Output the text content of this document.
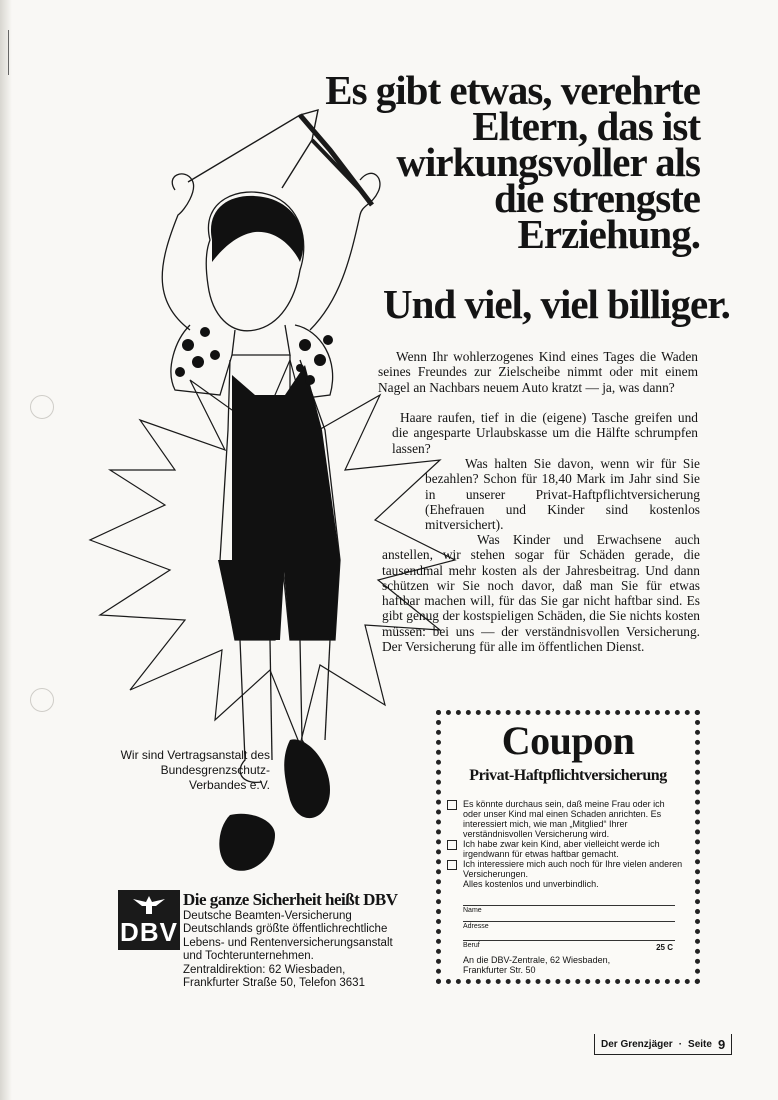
Es gibt etwas, verehrte
Eltern, das ist
wirkungsvoller als
die strengste
Erziehung.
Und viel, viel billiger.
Wenn Ihr wohlerzogenes Kind eines Tages die Waden seines Freundes zur Zielscheibe nimmt oder mit einem Nagel an Nachbars neuem Auto kratzt — ja, was dann?
Haare raufen, tief in die (eigene) Tasche greifen und die angesparte Urlaubskasse um die Hälfte schrumpfen lassen?
Was halten Sie davon, wenn wir für Sie bezahlen? Schon für 18,40 Mark im Jahr sind Sie in unserer Privat-Haftpflichtversicherung (Ehefrauen und Kinder sind kostenlos mitversichert).
Was Kinder und Erwachsene auch anstellen, wir stehen sogar für Schäden gerade, die tausendmal mehr kosten als der Jahresbeitrag. Und dann schützen wir Sie noch davor, daß man Sie für etwas haftbar machen will, für das Sie gar nicht haftbar sind. Es gibt genug der kostspieligen Schäden, die Sie nichts kosten müssen: bei uns — der verständnisvollen Versicherung. Der Versicherung für alle im öffentlichen Dienst.
Wir sind Vertragsanstalt des
Bundesgrenzschutz-
Verbandes e.V.
Coupon
Privat-Haftpflichtversicherung
Es könnte durchaus sein, daß meine Frau oder ich oder unser Kind mal einen Schaden anrichten. Es interessiert mich, wie man „Mitglied“ Ihrer verständnisvollen Versicherung wird.
Ich habe zwar kein Kind, aber vielleicht werde ich irgendwann für etwas haftbar gemacht.
Ich interessiere mich auch noch für Ihre vielen anderen Versicherungen.
Alles kostenlos und unverbindlich.
Name
Adresse
Beruf	25 C
An die DBV-Zentrale, 62 Wiesbaden,
Frankfurter Str. 50
DBV
Die ganze Sicherheit heißt DBV
Deutsche Beamten-Versicherung
Deutschlands größte öffentlichrechtliche
Lebens- und Rentenversicherungsanstalt
und Tochterunternehmen.
Zentraldirektion: 62 Wiesbaden,
Frankfurter Straße 50, Telefon 3631
Der Grenzjäger · Seite 9
